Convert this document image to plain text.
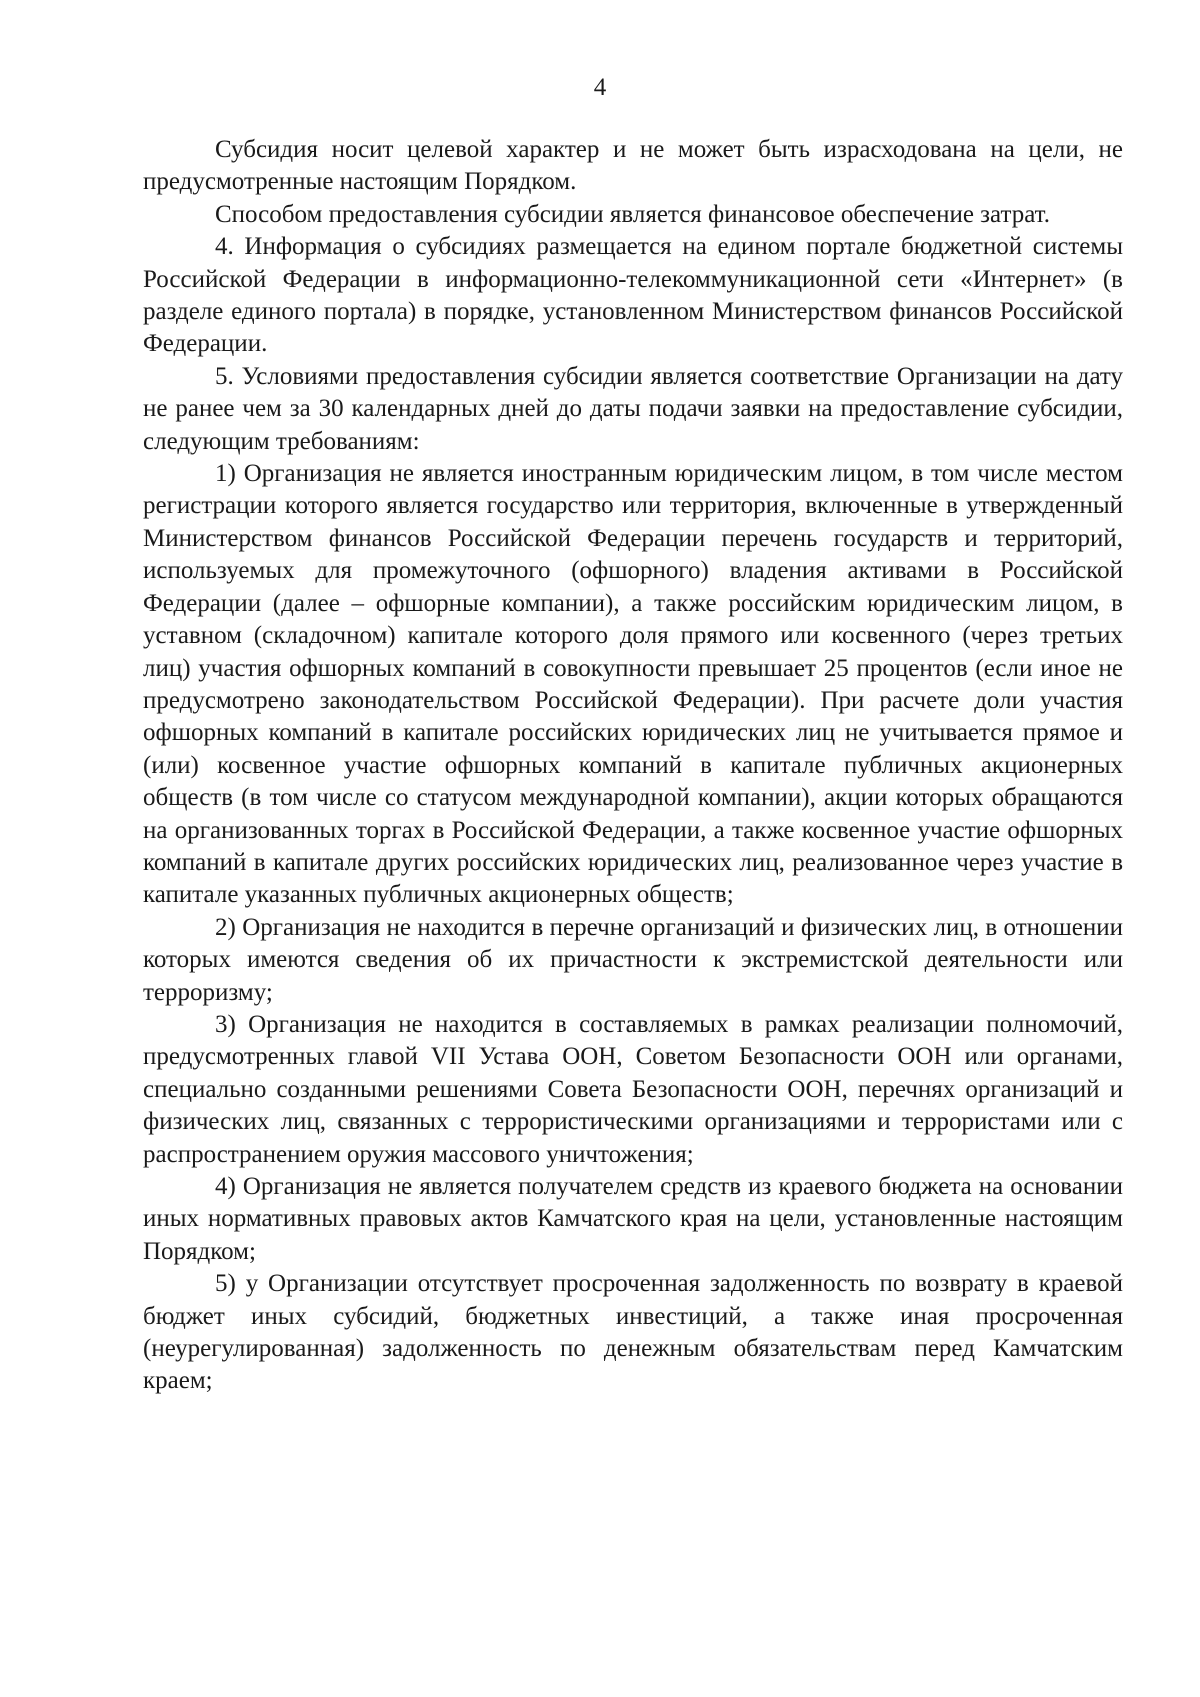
4

Субсидия носит целевой характер и не может быть израсходована на цели, не предусмотренные настоящим Порядком.

Способом предоставления субсидии является финансовое обеспечение затрат.

4. Информация о субсидиях размещается на едином портале бюджетной системы Российской Федерации в информационно-телекоммуникационной сети «Интернет» (в разделе единого портала) в порядке, установленном Министерством финансов Российской Федерации.

5. Условиями предоставления субсидии является соответствие Организации на дату не ранее чем за 30 календарных дней до даты подачи заявки на предоставление субсидии, следующим требованиям:

1) Организация не является иностранным юридическим лицом, в том числе местом регистрации которого является государство или территория, включенные в утвержденный Министерством финансов Российской Федерации перечень государств и территорий, используемых для промежуточного (офшорного) владения активами в Российской Федерации (далее – офшорные компании), а также российским юридическим лицом, в уставном (складочном) капитале которого доля прямого или косвенного (через третьих лиц) участия офшорных компаний в совокупности превышает 25 процентов (если иное не предусмотрено законодательством Российской Федерации). При расчете доли участия офшорных компаний в капитале российских юридических лиц не учитывается прямое и (или) косвенное участие офшорных компаний в капитале публичных акционерных обществ (в том числе со статусом международной компании), акции которых обращаются на организованных торгах в Российской Федерации, а также косвенное участие офшорных компаний в капитале других российских юридических лиц, реализованное через участие в капитале указанных публичных акционерных обществ;

2) Организация не находится в перечне организаций и физических лиц, в отношении которых имеются сведения об их причастности к экстремистской деятельности или терроризму;

3) Организация не находится в составляемых в рамках реализации полномочий, предусмотренных главой VII Устава ООН, Советом Безопасности ООН или органами, специально созданными решениями Совета Безопасности ООН, перечнях организаций и физических лиц, связанных с террористическими организациями и террористами или с распространением оружия массового уничтожения;

4) Организация не является получателем средств из краевого бюджета на основании иных нормативных правовых актов Камчатского края на цели, установленные настоящим Порядком;

5) у Организации отсутствует просроченная задолженность по возврату в краевой бюджет иных субсидий, бюджетных инвестиций, а также иная просроченная (неурегулированная) задолженность по денежным обязательствам перед Камчатским краем;
